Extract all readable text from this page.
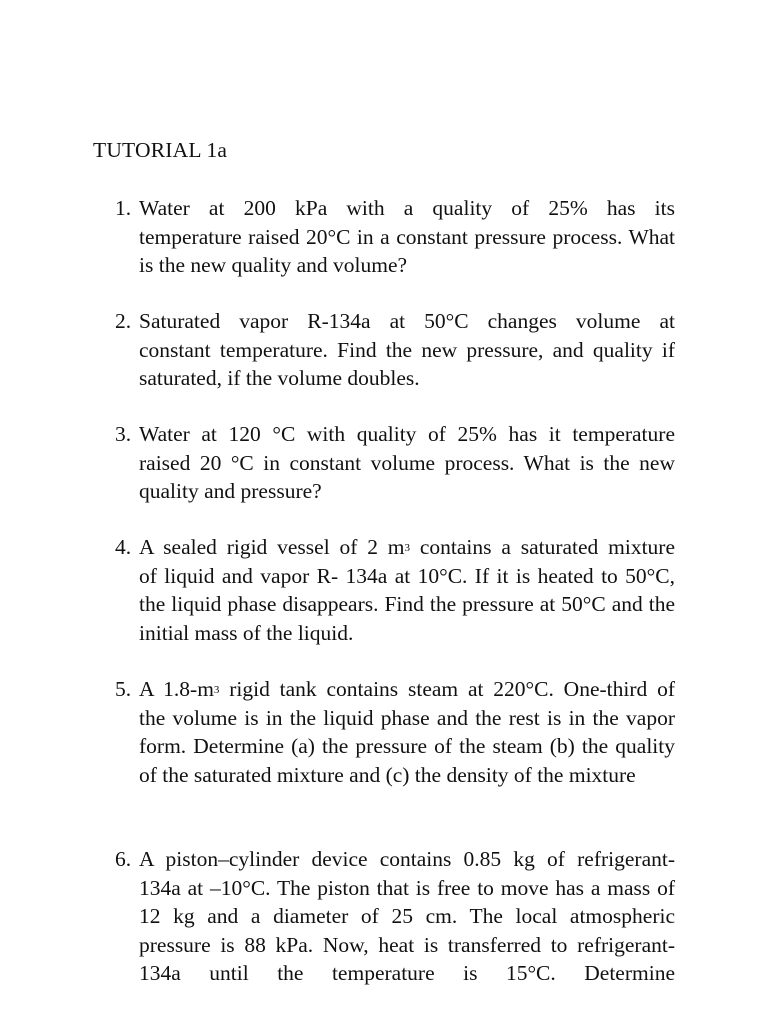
TUTORIAL 1a
1. Water at 200 kPa with a quality of 25% has its
temperature raised 20°C in a constant pressure process. What is the new quality and volume?
2. Saturated vapor R-134a at 50°C changes volume at
constant temperature. Find the new pressure, and quality if saturated, if the volume doubles.
3. Water at 120 °C with quality of 25% has it temperature
raised 20 °C in constant volume process. What is the new quality and pressure?
4. A sealed rigid vessel of 2 $m^3$ contains a saturated mixture
of liquid and vapor R- 134a at 10°C. If it is heated to 50°C, the liquid phase disappears. Find the pressure at 50°C and the initial mass of the liquid.
5. A $1.8-m^3$ rigid tank contains steam at 220°C. One-third of
the volume is in the liquid phase and the rest is in the vapor form. Determine (a) the pressure of the steam (b) the quality of the saturated mixture and (c) the density of the mixture
6. A piston–cylinder device contains 0.85 kg of refrigerant-
134a at –10°C. The piston that is free to move has a mass of 12 kg and a diameter of 25 cm. The local atmospheric pressure is 88 kPa. Now, heat is transferred to refrigerant-134a until the temperature is 15°C. Determine
